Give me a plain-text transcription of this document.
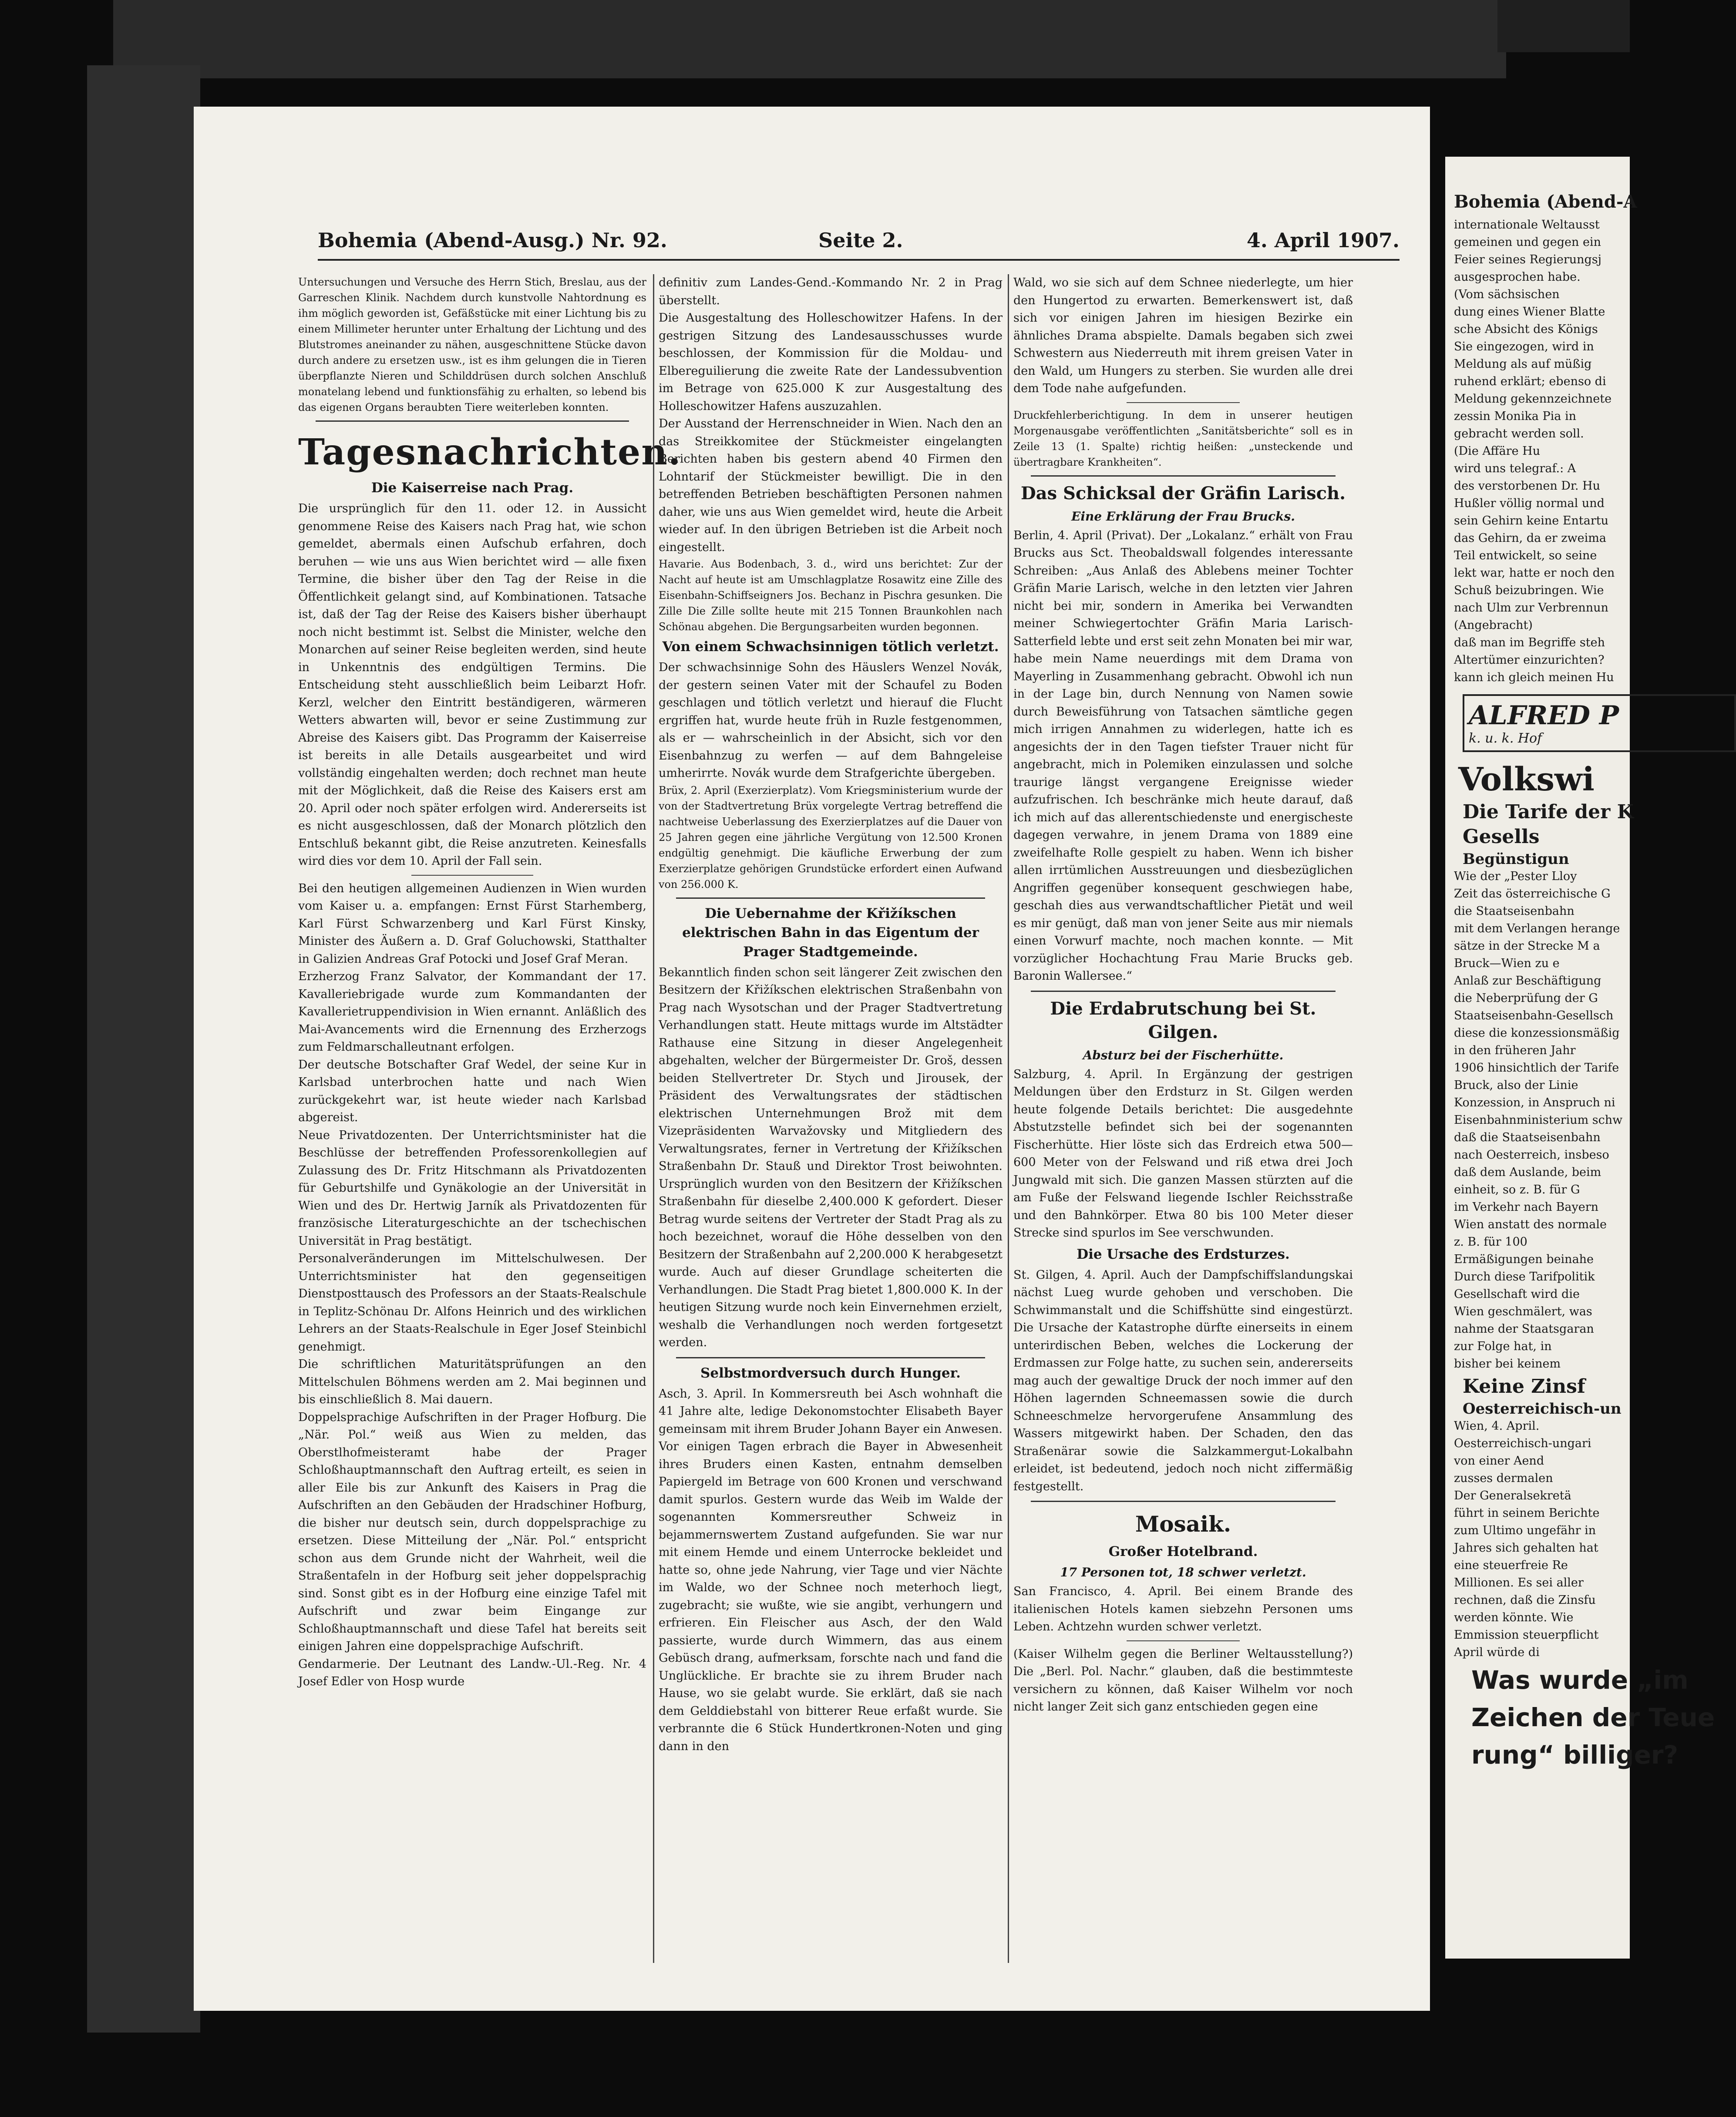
Bohemia (Abend-Ausg.) Nr. 92.	Seite 2.	4. April 1907.

Untersuchungen und Versuche des Herrn Stich, Breslau, aus der Garreschen Klinik. Nachdem durch kunstvolle Nahtordnung es ihm möglich geworden ist, Gefäßstücke mit einer Lichtung bis zu einem Millimeter herunter unter Erhaltung der Lichtung und des Blutstromes aneinander zu nähen, ausgeschnittene Stücke davon durch andere zu ersetzen usw., ist es ihm gelungen die in Tieren überpflanzte Nieren und Schilddrüsen durch solchen Anschluß monatelang lebend und funktionsfähig zu erhalten, so lebend bis das eigenen Organs beraubten Tiere weiterleben konnten.

Tagesnachrichten.
Die Kaiserreise nach Prag.

Die ursprünglich für den 11. oder 12. in Aussicht genommene Reise des Kaisers nach Prag hat, wie schon gemeldet, abermals einen Aufschub erfahren, doch beruhen — wie uns aus Wien berichtet wird — alle fixen Termine, die bisher über den Tag der Reise in die Öffentlichkeit gelangt sind, auf Kombinationen. Tatsache ist, daß der Tag der Reise des Kaisers bisher überhaupt noch nicht bestimmt ist. Selbst die Minister, welche den Monarchen auf seiner Reise begleiten werden, sind heute in Unkenntnis des endgültigen Termins. Die Entscheidung steht ausschließlich beim Leibarzt Hofr. Kerzl, welcher den Eintritt beständigeren, wärmeren Wetters abwarten will, bevor er seine Zustimmung zur Abreise des Kaisers gibt. Das Programm der Kaiserreise ist bereits in alle Details ausgearbeitet und wird vollständig eingehalten werden; doch rechnet man heute mit der Möglichkeit, daß die Reise des Kaisers erst am 20. April oder noch später erfolgen wird. Andererseits ist es nicht ausgeschlossen, daß der Monarch plötzlich den Entschluß bekannt gibt, die Reise anzutreten. Keinesfalls wird dies vor dem 10. April der Fall sein.

Bei den heutigen allgemeinen Audienzen in Wien wurden vom Kaiser u. a. empfangen: Ernst Fürst Starhemberg, Karl Fürst Schwarzenberg und Karl Fürst Kinsky, Minister des Äußern a. D. Graf Goluchowski, Statthalter in Galizien Andreas Graf Potocki und Josef Graf Meran.

Erzherzog Franz Salvator, der Kommandant der 17. Kavalleriebrigade wurde zum Kommandanten der Kavallerietruppendivision in Wien ernannt. Anläßlich des Mai-Avancements wird die Ernennung des Erzherzogs zum Feldmarschalleutnant erfolgen.

Der deutsche Botschafter Graf Wedel, der seine Kur in Karlsbad unterbrochen hatte und nach Wien zurückgekehrt war, ist heute wieder nach Karlsbad abgereist.

Neue Privatdozenten. Der Unterrichtsminister hat die Beschlüsse der betreffenden Professorenkollegien auf Zulassung des Dr. Fritz Hitschmann als Privatdozenten für Geburtshilfe und Gynäkologie an der Universität in Wien und des Dr. Hertwig Jarník als Privatdozenten für französische Literaturgeschichte an der tschechischen Universität in Prag bestätigt.

Personalveränderungen im Mittelschulwesen. Der Unterrichtsminister hat den gegenseitigen Dienstposttausch des Professors an der Staats-Realschule in Teplitz-Schönau Dr. Alfons Heinrich und des wirklichen Lehrers an der Staats-Realschule in Eger Josef Steinbichl genehmigt.

Die schriftlichen Maturitätsprüfungen an den Mittelschulen Böhmens werden am 2. Mai beginnen und bis einschließlich 8. Mai dauern.

Doppelsprachige Aufschriften in der Prager Hofburg. Die „När. Pol.“ weiß aus Wien zu melden, das Oberstlhofmeisteramt habe der Prager Schloßhauptmannschaft den Auftrag erteilt, es seien in aller Eile bis zur Ankunft des Kaisers in Prag die Aufschriften an den Gebäuden der Hradschiner Hofburg, die bisher nur deutsch sein, durch doppelsprachige zu ersetzen. Diese Mitteilung der „När. Pol.“ entspricht schon aus dem Grunde nicht der Wahrheit, weil die Straßentafeln in der Hofburg seit jeher doppelsprachig sind. Sonst gibt es in der Hofburg eine einzige Tafel mit Aufschrift und zwar beim Eingange zur Schloßhauptmannschaft und diese Tafel hat bereits seit einigen Jahren eine doppelsprachige Aufschrift.

Gendarmerie. Der Leutnant des Landw.-Ul.-Reg. Nr. 4 Josef Edler von Hosp wurde

definitiv zum Landes-Gend.-Kommando Nr. 2 in Prag überstellt.

Die Ausgestaltung des Holleschowitzer Hafens. In der gestrigen Sitzung des Landesausschusses wurde beschlossen, der Kommission für die Moldau- und Elbereguilierung die zweite Rate der Landessubvention im Betrage von 625.000 K zur Ausgestaltung des Holleschowitzer Hafens auszuzahlen.

Der Ausstand der Herrenschneider in Wien. Nach den an das Streikkomitee der Stückmeister eingelangten Berichten haben bis gestern abend 40 Firmen den Lohntarif der Stückmeister bewilligt. Die in den betreffenden Betrieben beschäftigten Personen nahmen daher, wie uns aus Wien gemeldet wird, heute die Arbeit wieder auf. In den übrigen Betrieben ist die Arbeit noch eingestellt.

Havarie. Aus Bodenbach, 3. d., wird uns berichtet: Zur der Nacht auf heute ist am Umschlagplatze Rosawitz eine Zille des Eisenbahn-Schiffseigners Jos. Bechanz in Pischra gesunken. Die Zille Die Zille sollte heute mit 215 Tonnen Braunkohlen nach Schönau abgehen. Die Bergungsarbeiten wurden begonnen.

Von einem Schwachsinnigen tötlich verletzt.

Der schwachsinnige Sohn des Häuslers Wenzel Novák, der gestern seinen Vater mit der Schaufel zu Boden geschlagen und tötlich verletzt und hierauf die Flucht ergriffen hat, wurde heute früh in Ruzle festgenommen, als er — wahrscheinlich in der Absicht, sich vor den Eisenbahnzug zu werfen — auf dem Bahngeleise umherirrte. Novák wurde dem Strafgerichte übergeben.

Brüx, 2. April (Exerzierplatz). Vom Kriegsministerium wurde der von der Stadtvertretung Brüx vorgelegte Vertrag betreffend die nachtweise Ueberlassung des Exerzierplatzes auf die Dauer von 25 Jahren gegen eine jährliche Vergütung von 12.500 Kronen endgültig genehmigt. Die käufliche Erwerbung der zum Exerzierplatze gehörigen Grundstücke erfordert einen Aufwand von 256.000 K.

Die Uebernahme der Křižíkschen elektrischen Bahn in das Eigentum der Prager Stadtgemeinde.

Bekanntlich finden schon seit längerer Zeit zwischen den Besitzern der Křižíkschen elektrischen Straßenbahn von Prag nach Wysotschan und der Prager Stadtvertretung Verhandlungen statt. Heute mittags wurde im Altstädter Rathause eine Sitzung in dieser Angelegenheit abgehalten, welcher der Bürgermeister Dr. Groš, dessen beiden Stellvertreter Dr. Stych und Jirousek, der Präsident des Verwaltungsrates der städtischen elektrischen Unternehmungen Brož mit dem Vizepräsidenten Warvažovsky und Mitgliedern des Verwaltungsrates, ferner in Vertretung der Křižíkschen Straßenbahn Dr. Stauß und Direktor Trost beiwohnten. Ursprünglich wurden von den Besitzern der Křižíkschen Straßenbahn für dieselbe 2,400.000 K gefordert. Dieser Betrag wurde seitens der Vertreter der Stadt Prag als zu hoch bezeichnet, worauf die Höhe desselben von den Besitzern der Straßenbahn auf 2,200.000 K herabgesetzt wurde. Auch auf dieser Grundlage scheiterten die Verhandlungen. Die Stadt Prag bietet 1,800.000 K. In der heutigen Sitzung wurde noch kein Einvernehmen erzielt, weshalb die Verhandlungen noch werden fortgesetzt werden.

Selbstmordversuch durch Hunger.

Asch, 3. April. In Kommersreuth bei Asch wohnhaft die 41 Jahre alte, ledige Dekonomstochter Elisabeth Bayer gemeinsam mit ihrem Bruder Johann Bayer ein Anwesen. Vor einigen Tagen erbrach die Bayer in Abwesenheit ihres Bruders einen Kasten, entnahm demselben Papiergeld im Betrage von 600 Kronen und verschwand damit spurlos. Gestern wurde das Weib im Walde der sogenannten Kommersreuther Schweiz in bejammernswertem Zustand aufgefunden. Sie war nur mit einem Hemde und einem Unterrocke bekleidet und hatte so, ohne jede Nahrung, vier Tage und vier Nächte im Walde, wo der Schnee noch meterhoch liegt, zugebracht; sie wußte, wie sie angibt, verhungern und erfrieren. Ein Fleischer aus Asch, der den Wald passierte, wurde durch Wimmern, das aus einem Gebüsch drang, aufmerksam, forschte nach und fand die Unglückliche. Er brachte sie zu ihrem Bruder nach Hause, wo sie gelabt wurde. Sie erklärt, daß sie nach dem Gelddiebstahl von bitterer Reue erfaßt wurde. Sie verbrannte die 6 Stück Hundertkronen-Noten und ging dann in den

Wald, wo sie sich auf dem Schnee niederlegte, um hier den Hungertod zu erwarten. Bemerkenswert ist, daß sich vor einigen Jahren im hiesigen Bezirke ein ähnliches Drama abspielte. Damals begaben sich zwei Schwestern aus Niederreuth mit ihrem greisen Vater in den Wald, um Hungers zu sterben. Sie wurden alle drei dem Tode nahe aufgefunden.

Druckfehlerberichtigung. In dem in unserer heutigen Morgenausgabe veröffentlichten „Sanitätsberichte“ soll es in Zeile 13 (1. Spalte) richtig heißen: „unsteckende und übertragbare Krankheiten“.

Das Schicksal der Gräfin Larisch.
Eine Erklärung der Frau Brucks.

Berlin, 4. April (Privat). Der „Lokalanz.“ erhält von Frau Brucks aus Sct. Theobaldswall folgendes interessante Schreiben: „Aus Anlaß des Ablebens meiner Tochter Gräfin Marie Larisch, welche in den letzten vier Jahren nicht bei mir, sondern in Amerika bei Verwandten meiner Schwiegertochter Gräfin Maria Larisch-Satterfield lebte und erst seit zehn Monaten bei mir war, habe mein Name neuerdings mit dem Drama von Mayerling in Zusammenhang gebracht. Obwohl ich nun in der Lage bin, durch Nennung von Namen sowie durch Beweisführung von Tatsachen sämtliche gegen mich irrigen Annahmen zu widerlegen, hatte ich es angesichts der in den Tagen tiefster Trauer nicht für angebracht, mich in Polemiken einzulassen und solche traurige längst vergangene Ereignisse wieder aufzufrischen. Ich beschränke mich heute darauf, daß ich mich auf das allerentschiedenste und energischeste dagegen verwahre, in jenem Drama von 1889 eine zweifelhafte Rolle gespielt zu haben. Wenn ich bisher allen irrtümlichen Ausstreuungen und diesbezüglichen Angriffen gegenüber konsequent geschwiegen habe, geschah dies aus verwandtschaftlicher Pietät und weil es mir genügt, daß man von jener Seite aus mir niemals einen Vorwurf machte, noch machen konnte. — Mit vorzüglicher Hochachtung Frau Marie Brucks geb. Baronin Wallersee.“

Die Erdabrutschung bei St. Gilgen.
Absturz bei der Fischerhütte.

Salzburg, 4. April. In Ergänzung der gestrigen Meldungen über den Erdsturz in St. Gilgen werden heute folgende Details berichtet: Die ausgedehnte Abstutzstelle befindet sich bei der sogenannten Fischerhütte. Hier löste sich das Erdreich etwa 500—600 Meter von der Felswand und riß etwa drei Joch Jungwald mit sich. Die ganzen Massen stürzten auf die am Fuße der Felswand liegende Ischler Reichsstraße und den Bahnkörper. Etwa 80 bis 100 Meter dieser Strecke sind spurlos im See verschwunden.

Die Ursache des Erdsturzes.

St. Gilgen, 4. April. Auch der Dampfschiffslandungskai nächst Lueg wurde gehoben und verschoben. Die Schwimmanstalt und die Schiffshütte sind eingestürzt. Die Ursache der Katastrophe dürfte einerseits in einem unterirdischen Beben, welches die Lockerung der Erdmassen zur Folge hatte, zu suchen sein, andererseits mag auch der gewaltige Druck der noch immer auf den Höhen lagernden Schneemassen sowie die durch Schneeschmelze hervorgerufene Ansammlung des Wassers mitgewirkt haben. Der Schaden, den das Straßenärar sowie die Salzkammergut-Lokalbahn erleidet, ist bedeutend, jedoch noch nicht ziffermäßig festgestellt.

Mosaik.
Großer Hotelbrand.
17 Personen tot, 18 schwer verletzt.

San Francisco, 4. April. Bei einem Brande des italienischen Hotels kamen siebzehn Personen ums Leben. Achtzehn wurden schwer verletzt.

(Kaiser Wilhelm gegen die Berliner Weltausstellung?) Die „Berl. Pol. Nachr.“ glauben, daß die bestimmteste versichern zu können, daß Kaiser Wilhelm vor noch nicht langer Zeit sich ganz entschieden gegen eine

Bohemia (Abend-A
internationale Weltausst
gemeinen und gegen ein
Feier seines Regierungsj
ausgesprochen habe.
(Vom sächsischen
dung eines Wiener Blatte
sche Absicht des Königs
Sie eingezogen, wird in
Meldung als auf müßig
ruhend erklärt; ebenso di
Meldung gekennzeichnete
zessin Monika Pia in
gebracht werden soll.
(Die Affäre Hu
wird uns telegraf.: A
des verstorbenen Dr. Hu
Hußler völlig normal und
sein Gehirn keine Entartu
das Gehirn, da er zweima
Teil entwickelt, so seine
lekt war, hatte er noch den
Schuß beizubringen. Wie
nach Ulm zur Verbrennun
(Angebracht)
daß man im Begriffe steh
Altertümer einzurichten?
kann ich gleich meinen Hu
ALFRED P
k. u. k. Hof
Volkswi
Die Tarife der K
Gesells
Begünstigun
Wie der „Pester Lloy
Zeit das österreichische G
die Staatseisenbahn
mit dem Verlangen herange
sätze in der Strecke M a
Bruck—Wien zu e
Anlaß zur Beschäftigung
die Neberprüfung der G
Staatseisenbahn-Gesellsch
diese die konzessionsmäßig
in den früheren Jahr
1906 hinsichtlich der Tarife
Bruck, also der Linie
Konzession, in Anspruch ni
Eisenbahnministerium schw
daß die Staatseisenbahn
nach Oesterreich, insbeso
daß dem Auslande, beim
einheit, so z. B. für G
im Verkehr nach Bayern
Wien anstatt des normale
z. B. für 100
Ermäßigungen beinahe
Durch diese Tarifpolitik
Gesellschaft wird die
Wien geschmälert, was
nahme der Staatsgaran
zur Folge hat, in
bisher bei keinem
Keine Zinsf
Oesterreichisch-un
Wien, 4. April.
Oesterreichisch-ungari
von einer Aend
zusses dermalen
Der Generalsekretä
führt in seinem Berichte
zum Ultimo ungefähr in
Jahres sich gehalten hat
eine steuerfreie Re
Millionen. Es sei aller
rechnen, daß die Zinsfu
werden könnte. Wie
Emmission steuerpflicht
April würde di
Was wurde „im
Zeichen der Teue
rung“ billiger?
